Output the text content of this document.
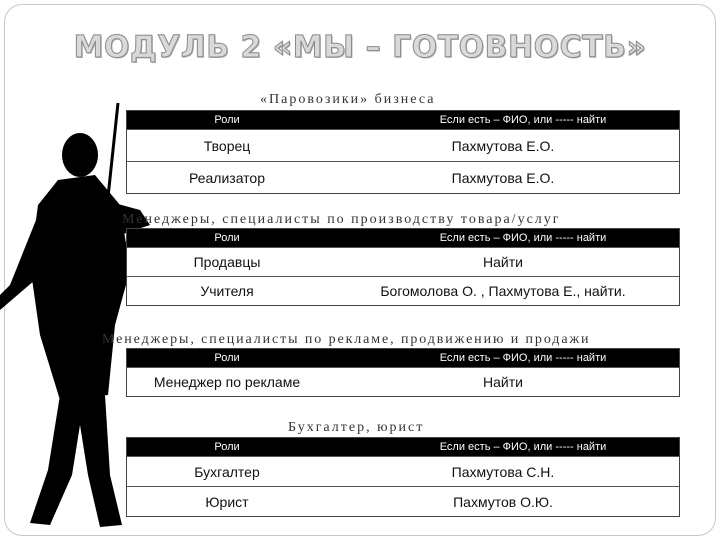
МОДУЛЬ 2 «МЫ – ГОТОВНОСТЬ»
«Паровозики» бизнеса
Роли	Если есть – ФИО, или ----- найти
Творец	Пахмутова Е.О.
Реализатор	Пахмутова Е.О.
Менеджеры, специалисты по производству товара/услуг
Роли	Если есть – ФИО, или ----- найти
Продавцы	Найти
Учителя	Богомолова О. , Пахмутова Е., найти.
Менеджеры, специалисты по рекламе, продвижению и продажи
Роли	Если есть – ФИО, или ----- найти
Менеджер по рекламе	Найти
Бухгалтер, юрист
Роли	Если есть – ФИО, или ----- найти
Бухгалтер	Пахмутова С.Н.
Юрист	Пахмутов О.Ю.
